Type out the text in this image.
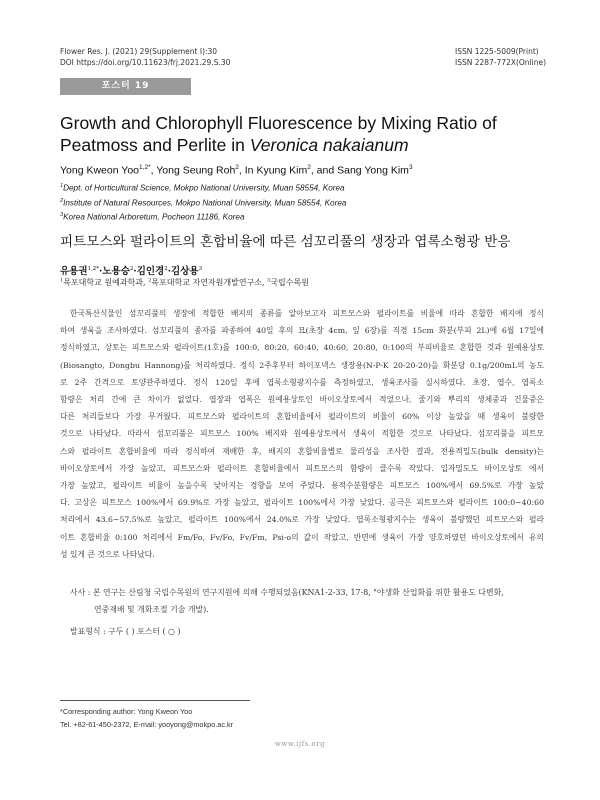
Flower Res. J. (2021) 29(Supplement I):30
DOI https://doi.org/10.11623/frj.2021.29.S.30
ISSN 1225-5009(Print)
ISSN 2287-772X(Online)
포스터 19
Growth and Chlorophyll Fluorescence by Mixing Ratio of Peatmoss and Perlite in Veronica nakaianum
Yong Kweon Yoo$^{1,2*}$, Yong Seung Roh$^2$, In Kyung Kim$^2$, and Sang Yong Kim$^3$
$^1$Dept. of Horticultural Science, Mokpo National University, Muan 58554, Korea
$^2$Institute of Natural Resources, Mokpo National University, Muan 58554, Korea
$^3$Korea National Arboretum, Pocheon 11186, Korea
피트모스와 펄라이트의 혼합비율에 따른 섬꼬리풀의 생장과 엽록소형광 반응
유용권$^{1,2*}$·노용승$^2$·김인경$^2$·김상용$^3$
$^1$목포대학교 원예과학과, $^2$목포대학교 자연자원개발연구소, $^3$국립수목원
한국특산식물인 섬꼬리풀의 생장에 적합한 배지의 종류를 알아보고자 피트모스와 펄라이트를 비율에 따라 혼합한 배지에 정식
하여 생육을 조사하였다. 섬꼬리풀의 종자를 파종하여 40일 후의 묘(초장 4cm, 잎 6장)를 직경 15cm 화분(부피 2L)에 6월 17일에
정식하였고, 상토는 피트모스와 펄라이트(1호)를 100:0, 80:20, 60:40, 40:60, 20:80, 0:100의 부피비율로 혼합한 것과 원예용상토
(Biosangto, Dongbu Hannong)를 처리하였다. 정식 2주후부터 하이포넥스 생장용(N-P-K 20-20-20)을 화분당 0.1g/200mL의 농도
로 2주 간격으로 토양관주하였다. 정식 120일 후에 엽록소형광지수를 측정하였고, 생육조사를 실시하였다. 초장, 엽수, 엽록소
함량은 처리 간에 큰 차이가 없었다. 엽장과 엽폭은 원예용상토인 바이오상토에서 적었으나, 줄기와 뿌리의 생체중과 건물중은
다른 처리들보다 가장 무거웠다. 피트모스와 펄라이트의 혼합비율에서 펄라이트의 비율이 60% 이상 높았을 때 생육이 불량한
것으로 나타났다. 따라서 섬꼬리풀은 피트모스 100% 배지와 원예용상토에서 생육이 적합한 것으로 나타났다. 섬꼬리풀을 피트모
스와 펄라이트 혼합비율에 따라 정식하여 재배한 후, 배지의 혼합비율별로 물리성을 조사한 결과, 전용적밀도(bulk density)는
바이오상토에서 가장 높았고, 피트모스와 펄라이트 혼합비율에서 피트모스의 함량이 클수록 작았다. 입자밀도도 바이오상토 에서
가장 높았고, 펄라이트 비율이 높을수록 낮아지는 경향을 보여 주었다. 용적수분함량은 피트모스 100%에서 69.5%로 가장 높았
다. 고상은 피트모스 100%에서 69.9%로 가장 높았고, 펄라이트 100%에서 가장 낮았다. 공극은 피트모스와 펄라이트 100:0~40:60
처리에서 43.6~57.5%로 높았고, 펄라이트 100%에서 24.0%로 가장 낮았다. 엽록소형광지수는 생육이 불량했던 피트모스와 펄라
이트 혼합비율 0:100 처리에서 Fm/Fo, Fv/Fo, Fv/Fm, Psi-o의 값이 작았고, 반면에 생육이 가장 양호하였던 바이오상토에서 유의
성 있게 큰 것으로 나타났다.
사사 : 본 연구는 산림청 국립수목원의 연구지원에 의해 수행되었음(KNA1-2-33, 17-8, "야생화 산업화를 위한 활용도 다변화,
연중재배 및 개화조절 기술 개발).
발표형식 : 구두 ( ) 포스터 ( ○ )
*Corresponding author: Yong Kweon Yoo
Tel. +82-61-450-2372, E-mail: yooyong@mokpo.ac.kr
www.ijfs.org
